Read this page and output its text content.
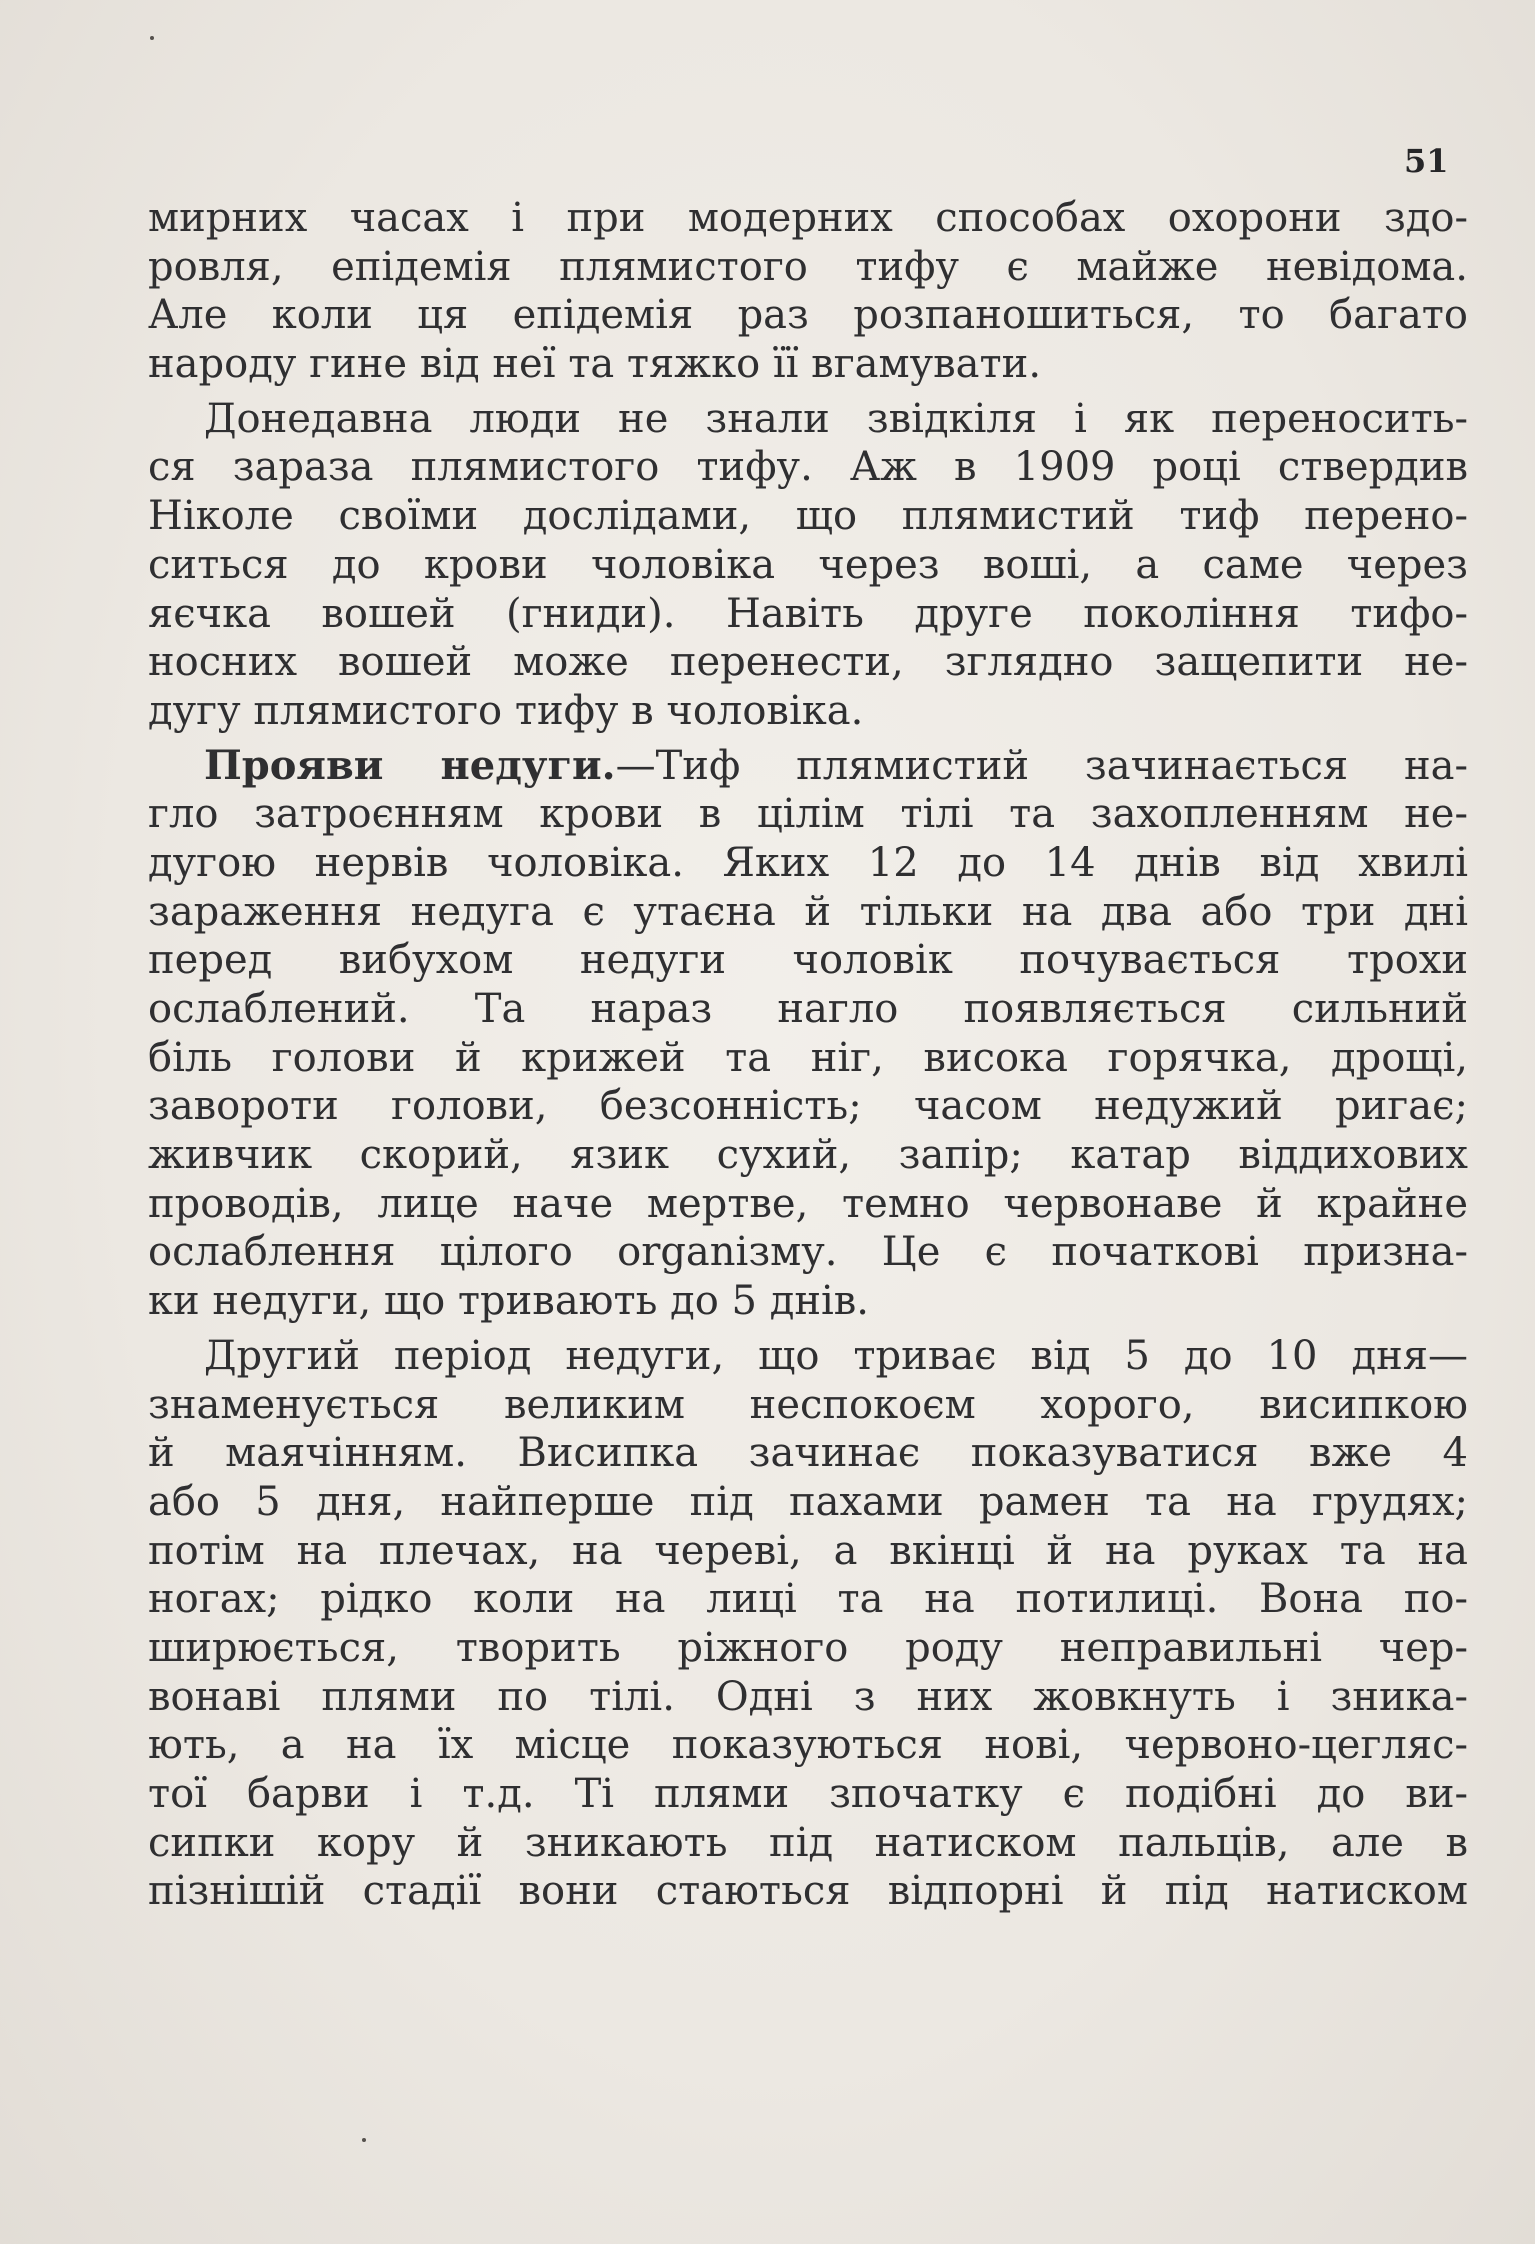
51
мирних часах і при модерних способах охорони здо-
ровля, епідемія плямистого тифу є майже невідома.
Але коли ця епідемія раз розпаношиться, то багато
народу гине від неї та тяжко її вгамувати.
Донедавна люди не знали звідкіля і як переносить-
ся зараза плямистого тифу. Аж в 1909 році ствердив
Ніколе своїми дослідами, що плямистий тиф перено-
ситься до крови чоловіка через воші, а саме через
яєчка вошей (гниди). Навіть друге покоління тифо-
носних вошей може перенести, зглядно защепити не-
дугу плямистого тифу в чоловіка.
Прояви недуги.—Тиф плямистий зачинається на-
гло затроєнням крови в цілім тілі та захопленням не-
дугою нервів чоловіка. Яких 12 до 14 днів від хвилі
зараження недуга є утаєна й тільки на два або три дні
перед вибухом недуги чоловік почувається трохи
ослаблений. Та нараз нагло появляється сильний
біль голови й крижей та ніг, висока горячка, дрощі,
завороти голови, безсонність; часом недужий ригає;
живчик скорий, язик сухий, запір; катар віддихових
проводів, лице наче мертве, темно червонаве й крайне
ослаблення цілого organiзму. Це є початкові призна-
ки недуги, що тривають до 5 днів.
Другий період недуги, що триває від 5 до 10 дня—
знаменується великим неспокоєм хорого, висипкою
й маячінням. Висипка зачинає показуватися вже 4
або 5 дня, найперше під пахами рамен та на грудях;
потім на плечах, на череві, а вкінці й на руках та на
ногах; рідко коли на лиці та на потилиці. Вона по-
ширюється, творить ріжного роду неправильні чер-
вонаві плями по тілі. Одні з них жовкнуть і зника-
ють, а на їх місце показуються нові, червоно-цегляс-
тої барви і т.д. Ті плями зпочатку є подібні до ви-
сипки кору й зникають під натиском пальців, але в
пізнішій стадії вони стаються відпорні й під натиском
